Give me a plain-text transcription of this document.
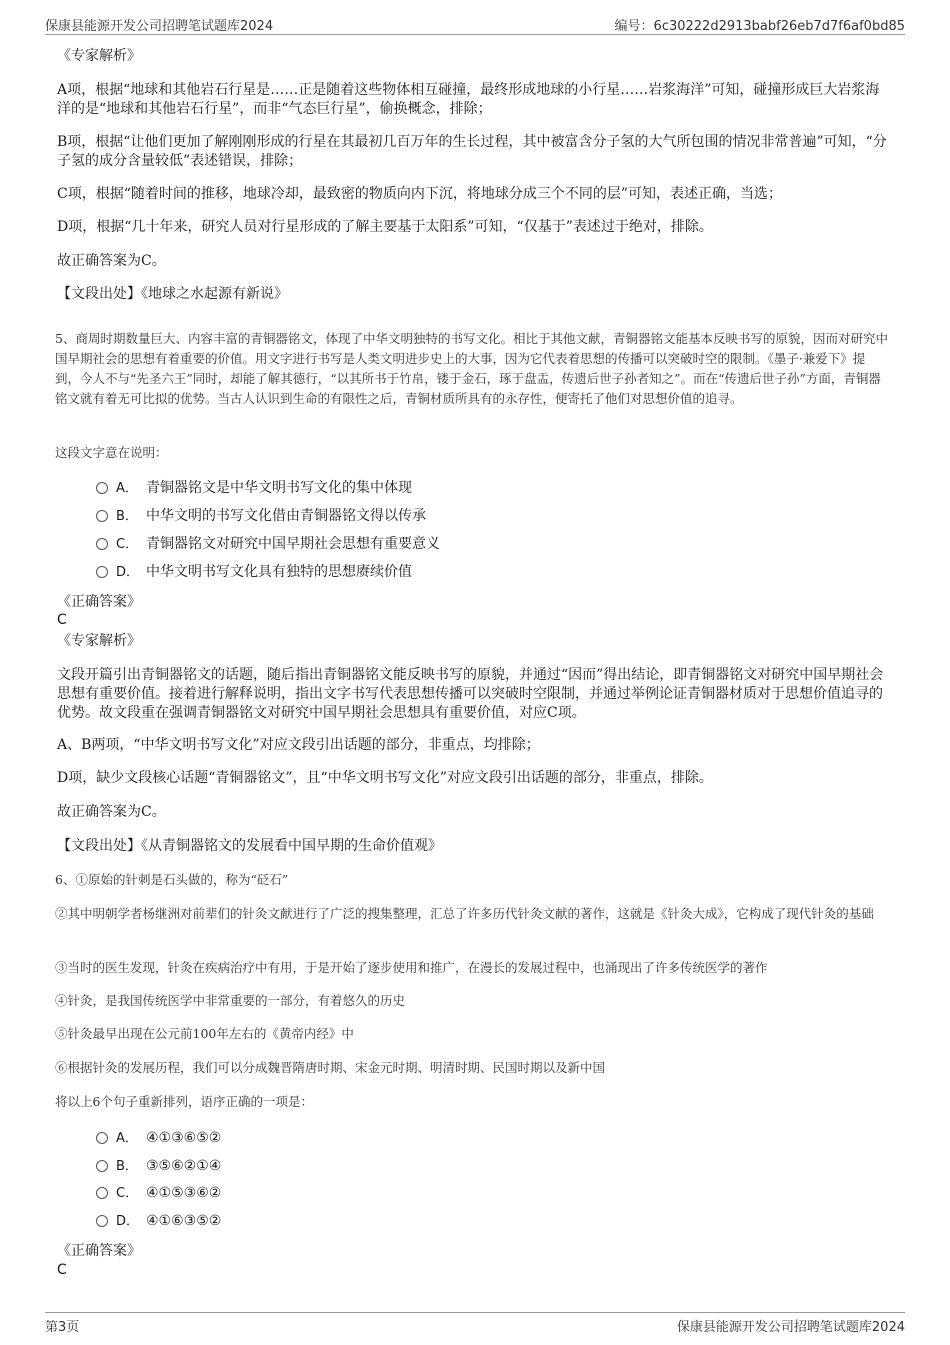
保康县能源开发公司招聘笔试题库2024	编号：6c30222d2913babf26eb7d7f6af0bd85
《专家解析》
A项，根据“地球和其他岩石行星是……正是随着这些物体相互碰撞，最终形成地球的小行星……岩浆海洋”可知，碰撞形成巨大岩浆海洋的是“地球和其他岩石行星”，而非“气态巨行星”，偷换概念，排除；
B项，根据“让他们更加了解刚刚形成的行星在其最初几百万年的生长过程，其中被富含分子氢的大气所包围的情况非常普遍”可知，“分子氢的成分含量较低”表述错误，排除；
C项，根据“随着时间的推移，地球冷却，最致密的物质向内下沉，将地球分成三个不同的层”可知，表述正确，当选；
D项，根据“几十年来，研究人员对行星形成的了解主要基于太阳系”可知，“仅基于”表述过于绝对，排除。
故正确答案为C。
【文段出处】《地球之水起源有新说》
5、商周时期数量巨大、内容丰富的青铜器铭文，体现了中华文明独特的书写文化。相比于其他文献，青铜器铭文能基本反映书写的原貌，因而对研究中国早期社会的思想有着重要的价值。用文字进行书写是人类文明进步史上的大事，因为它代表着思想的传播可以突破时空的限制。《墨子·兼爱下》提到，今人不与“先圣六王”同时，却能了解其德行，“以其所书于竹帛，镂于金石，琢于盘盂，传遗后世子孙者知之”。而在“传遗后世子孙”方面，青铜器铭文就有着无可比拟的优势。当古人认识到生命的有限性之后，青铜材质所具有的永存性，便寄托了他们对思想价值的追寻。
这段文字意在说明：
A． 青铜器铭文是中华文明书写文化的集中体现
B． 中华文明的书写文化借由青铜器铭文得以传承
C． 青铜器铭文对研究中国早期社会思想有重要意义
D． 中华文明书写文化具有独特的思想赓续价值
《正确答案》
C
《专家解析》
文段开篇引出青铜器铭文的话题，随后指出青铜器铭文能反映书写的原貌，并通过“因而”得出结论，即青铜器铭文对研究中国早期社会思想有重要价值。接着进行解释说明，指出文字书写代表思想传播可以突破时空限制，并通过举例论证青铜器材质对于思想价值追寻的优势。故文段重在强调青铜器铭文对研究中国早期社会思想具有重要价值，对应C项。
A、B两项，“中华文明书写文化”对应文段引出话题的部分，非重点，均排除；
D项，缺少文段核心话题“青铜器铭文”，且“中华文明书写文化”对应文段引出话题的部分，非重点，排除。
故正确答案为C。
【文段出处】《从青铜器铭文的发展看中国早期的生命价值观》
6、①原始的针刺是石头做的，称为“砭石”
②其中明朝学者杨继洲对前辈们的针灸文献进行了广泛的搜集整理，汇总了许多历代针灸文献的著作，这就是《针灸大成》，它构成了现代针灸的基础
③当时的医生发现，针灸在疾病治疗中有用，于是开始了逐步使用和推广，在漫长的发展过程中，也涌现出了许多传统医学的著作
④针灸，是我国传统医学中非常重要的一部分，有着悠久的历史
⑤针灸最早出现在公元前100年左右的《黄帝内经》中
⑥根据针灸的发展历程，我们可以分成魏晋隋唐时期、宋金元时期、明清时期、民国时期以及新中国
将以上6个句子重新排列，语序正确的一项是：
A． ④①③⑥⑤②
B． ③⑤⑥②①④
C． ④①⑤③⑥②
D． ④①⑥③⑤②
《正确答案》
C
第3页	保康县能源开发公司招聘笔试题库2024
